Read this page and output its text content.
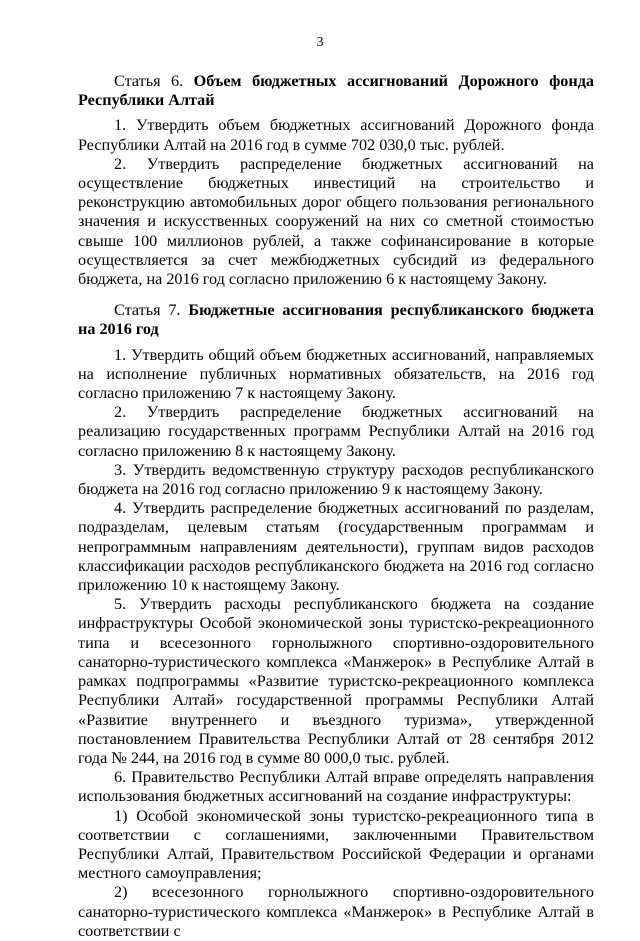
3

Статья 6. Объем бюджетных ассигнований Дорожного фонда Республики Алтай

1. Утвердить объем бюджетных ассигнований Дорожного фонда Республики Алтай на 2016 год в сумме 702 030,0 тыс. рублей.

2. Утвердить распределение бюджетных ассигнований на осуществление бюджетных инвестиций на строительство и реконструкцию автомобильных дорог общего пользования регионального значения и искусственных сооружений на них со сметной стоимостью свыше 100 миллионов рублей, а также софинансирование в которые осуществляется за счет межбюджетных субсидий из федерального бюджета, на 2016 год согласно приложению 6 к настоящему Закону.

Статья 7. Бюджетные ассигнования республиканского бюджета на 2016 год

1. Утвердить общий объем бюджетных ассигнований, направляемых на исполнение публичных нормативных обязательств, на 2016 год согласно приложению 7 к настоящему Закону.

2. Утвердить распределение бюджетных ассигнований на реализацию государственных программ Республики Алтай на 2016 год согласно приложению 8 к настоящему Закону.

3. Утвердить ведомственную структуру расходов республиканского бюджета на 2016 год согласно приложению 9 к настоящему Закону.

4. Утвердить распределение бюджетных ассигнований по разделам, подразделам, целевым статьям (государственным программам и непрограммным направлениям деятельности), группам видов расходов классификации расходов республиканского бюджета на 2016 год согласно приложению 10 к настоящему Закону.

5. Утвердить расходы республиканского бюджета на создание инфраструктуры Особой экономической зоны туристско-рекреационного типа и всесезонного горнолыжного спортивно-оздоровительного санаторно-туристического комплекса «Манжерок» в Республике Алтай в рамках подпрограммы «Развитие туристско-рекреационного комплекса Республики Алтай» государственной программы Республики Алтай «Развитие внутреннего и въездного туризма», утвержденной постановлением Правительства Республики Алтай от 28 сентября 2012 года № 244, на 2016 год в сумме 80 000,0 тыс. рублей.

6. Правительство Республики Алтай вправе определять направления использования бюджетных ассигнований на создание инфраструктуры:

1) Особой экономической зоны туристско-рекреационного типа в соответствии с соглашениями, заключенными Правительством Республики Алтай, Правительством Российской Федерации и органами местного самоуправления;

2) всесезонного горнолыжного спортивно-оздоровительного санаторно-туристического комплекса «Манжерок» в Республике Алтай в соответствии с
